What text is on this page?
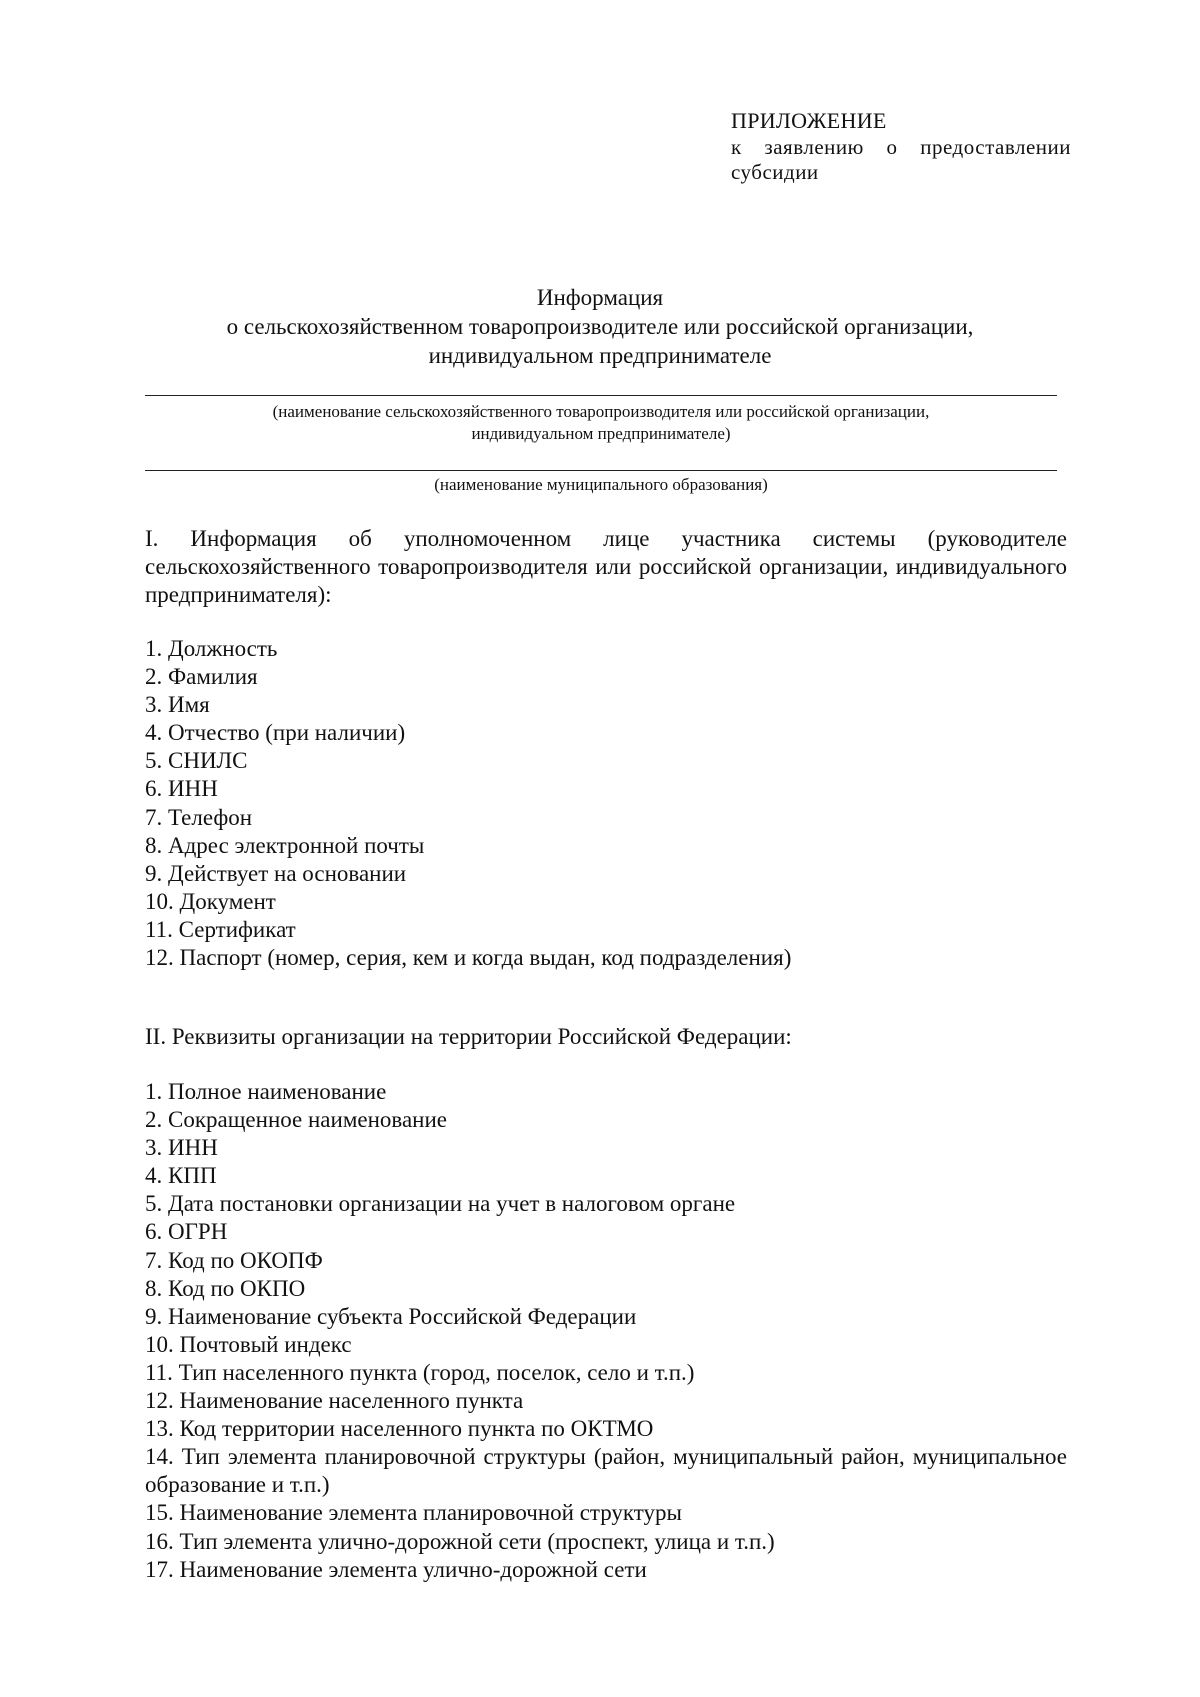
ПРИЛОЖЕНИЕ
к заявлению о предоставлении
субсидии
Информация
о сельскохозяйственном товаропроизводителе или российской организации,
индивидуальном предпринимателе
(наименование сельскохозяйственного товаропроизводителя или российской организации,
индивидуальном предпринимателе)
(наименование муниципального образования)
I. Информация об уполномоченном лице участника системы (руководителе сельскохозяйственного товаропроизводителя или российской организации, индивидуального предпринимателя):
1. Должность
2. Фамилия
3. Имя
4. Отчество (при наличии)
5. СНИЛС
6. ИНН
7. Телефон
8. Адрес электронной почты
9. Действует на основании
10. Документ
11. Сертификат
12. Паспорт (номер, серия, кем и когда выдан, код подразделения)
II. Реквизиты организации на территории Российской Федерации:
1. Полное наименование
2. Сокращенное наименование
3. ИНН
4. КПП
5. Дата постановки организации на учет в налоговом органе
6. ОГРН
7. Код по ОКОПФ
8. Код по ОКПО
9. Наименование субъекта Российской Федерации
10. Почтовый индекс
11. Тип населенного пункта (город, поселок, село и т.п.)
12. Наименование населенного пункта
13. Код территории населенного пункта по ОКТМО
14. Тип элемента планировочной структуры (район, муниципальный район, муниципальное образование и т.п.)
15. Наименование элемента планировочной структуры
16. Тип элемента улично-дорожной сети (проспект, улица и т.п.)
17. Наименование элемента улично-дорожной сети
